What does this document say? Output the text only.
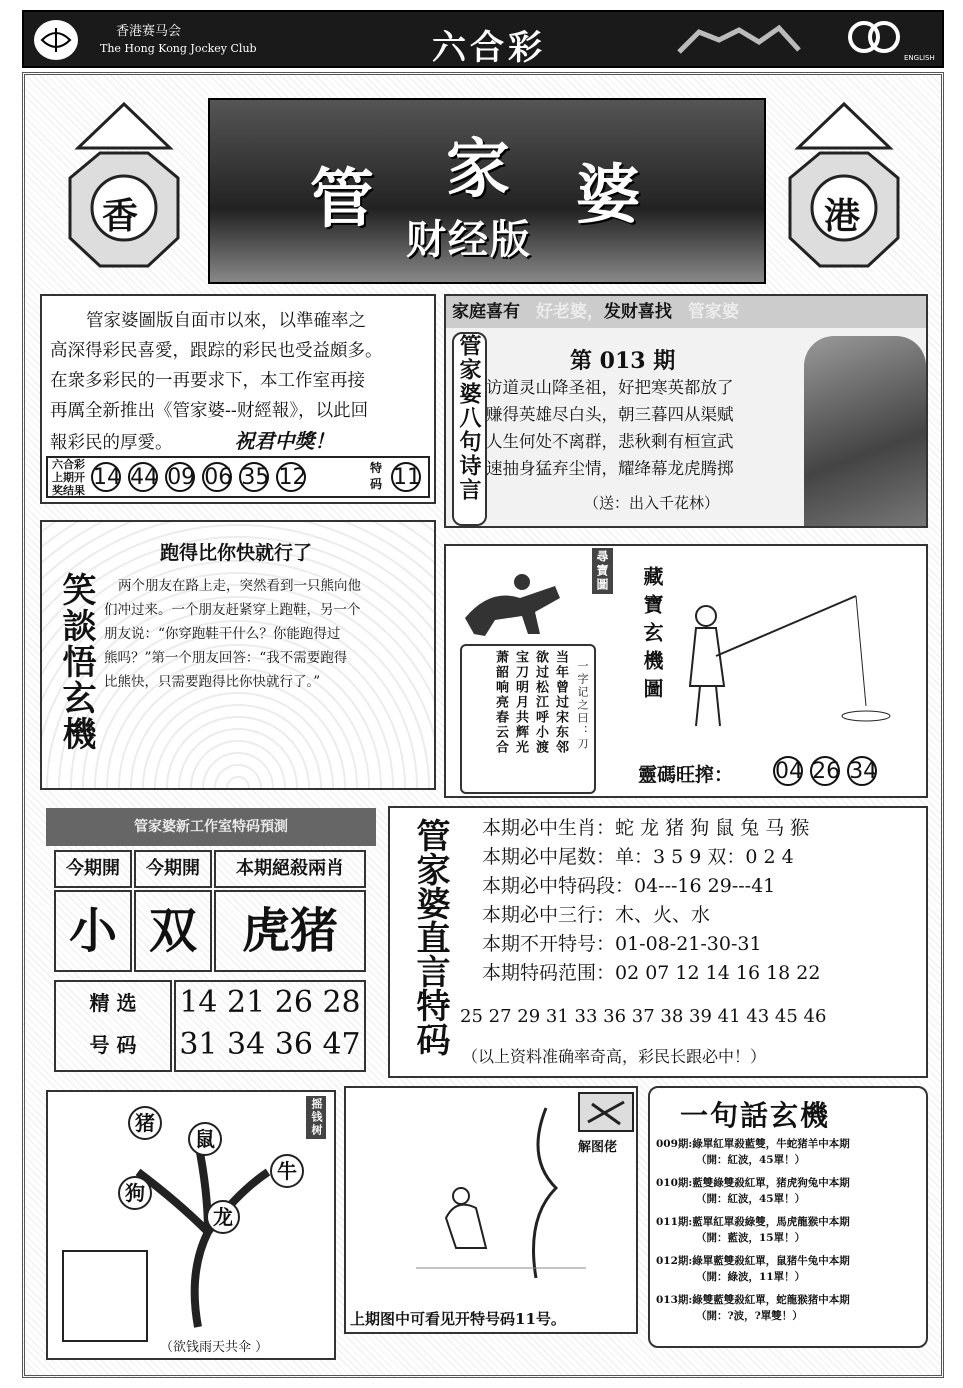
香港赛马会
The Hong Kong Jockey Club	六合彩	ENGLISH
香	港
管 家 婆
财经版
管家婆圖版自面市以來，以準確率之
高深得彩民喜愛，跟踪的彩民也受益頗多。
在衆多彩民的一再要求下，本工作室再接
再厲全新推出《管家婆--财經報》，以此回
報彩民的厚愛。	祝君中獎！
六合彩
上期开
奖结果
14 44 09 06 35 12	特码 11
家庭喜有 好老婆，发财喜找 管家婆
管家婆八句诗言	第 013 期
访道灵山降圣祖，好把寒英都放了
赚得英雄尽白头，朝三暮四从渠赋
人生何处不离群，悲秋剩有桓宣武
速抽身猛弃尘情，耀绛幕龙虎腾掷
（送：出入千花林）
笑談悟玄機
跑得比你快就行了
两个朋友在路上走，突然看到一只熊向他
们冲过来。一个朋友赶紧穿上跑鞋，另一个
朋友说：“你穿跑鞋干什么？你能跑得过
熊吗？”第一个朋友回答：“我不需要跑得
比熊快，只需要跑得比你快就行了。”
尋寶圖
一字记之曰：刀
当年曾过宋东邻
欲过松江呼小渡
宝刀明月共辉光
萧韶响亮春云合	藏寶玄機圖
靈碼旺搾： 04 26 34
管家婆新工作室特码預測
今期開	今期開	本期絕殺兩肖
小 双 虎猪
精 选
号 码
14 21 26 28
31 34 36 47 管家婆直言特码 本期必中生肖：蛇 龙 猪 狗 鼠 兔 马 猴
本期必中尾数：单：3 5 9 双：0 2 4
本期必中特码段：04---16 29---41
本期必中三行：木、火、水
本期不开特号：01-08-21-30-31
本期特码范围：02 07 12 14 16 18 22
25 27 29 31 33 36 37 38 39 41 43 45 46
（以上资料准确率奇高，彩民长跟必中！）
摇钱树
猪
鼠
牛
狗
龙
（欲钱雨天共伞 ）
解图佬
上期图中可看见开特号码11号。
一句話玄機
009期:綠單紅單殺藍雙，牛蛇猪羊中本期
（開：紅波，45單！）
010期:藍雙綠雙殺紅單，猪虎狗兔中本期
（開：紅波，45單！）
011期:藍單紅單殺綠雙，馬虎龍猴中本期
（開：藍波，15單！）
012期:綠單藍雙殺紅單，鼠猪牛兔中本期
（開：綠波，11單！）
013期:綠雙藍雙殺紅單，蛇龍猴猪中本期
（開：?波，?單雙！）
